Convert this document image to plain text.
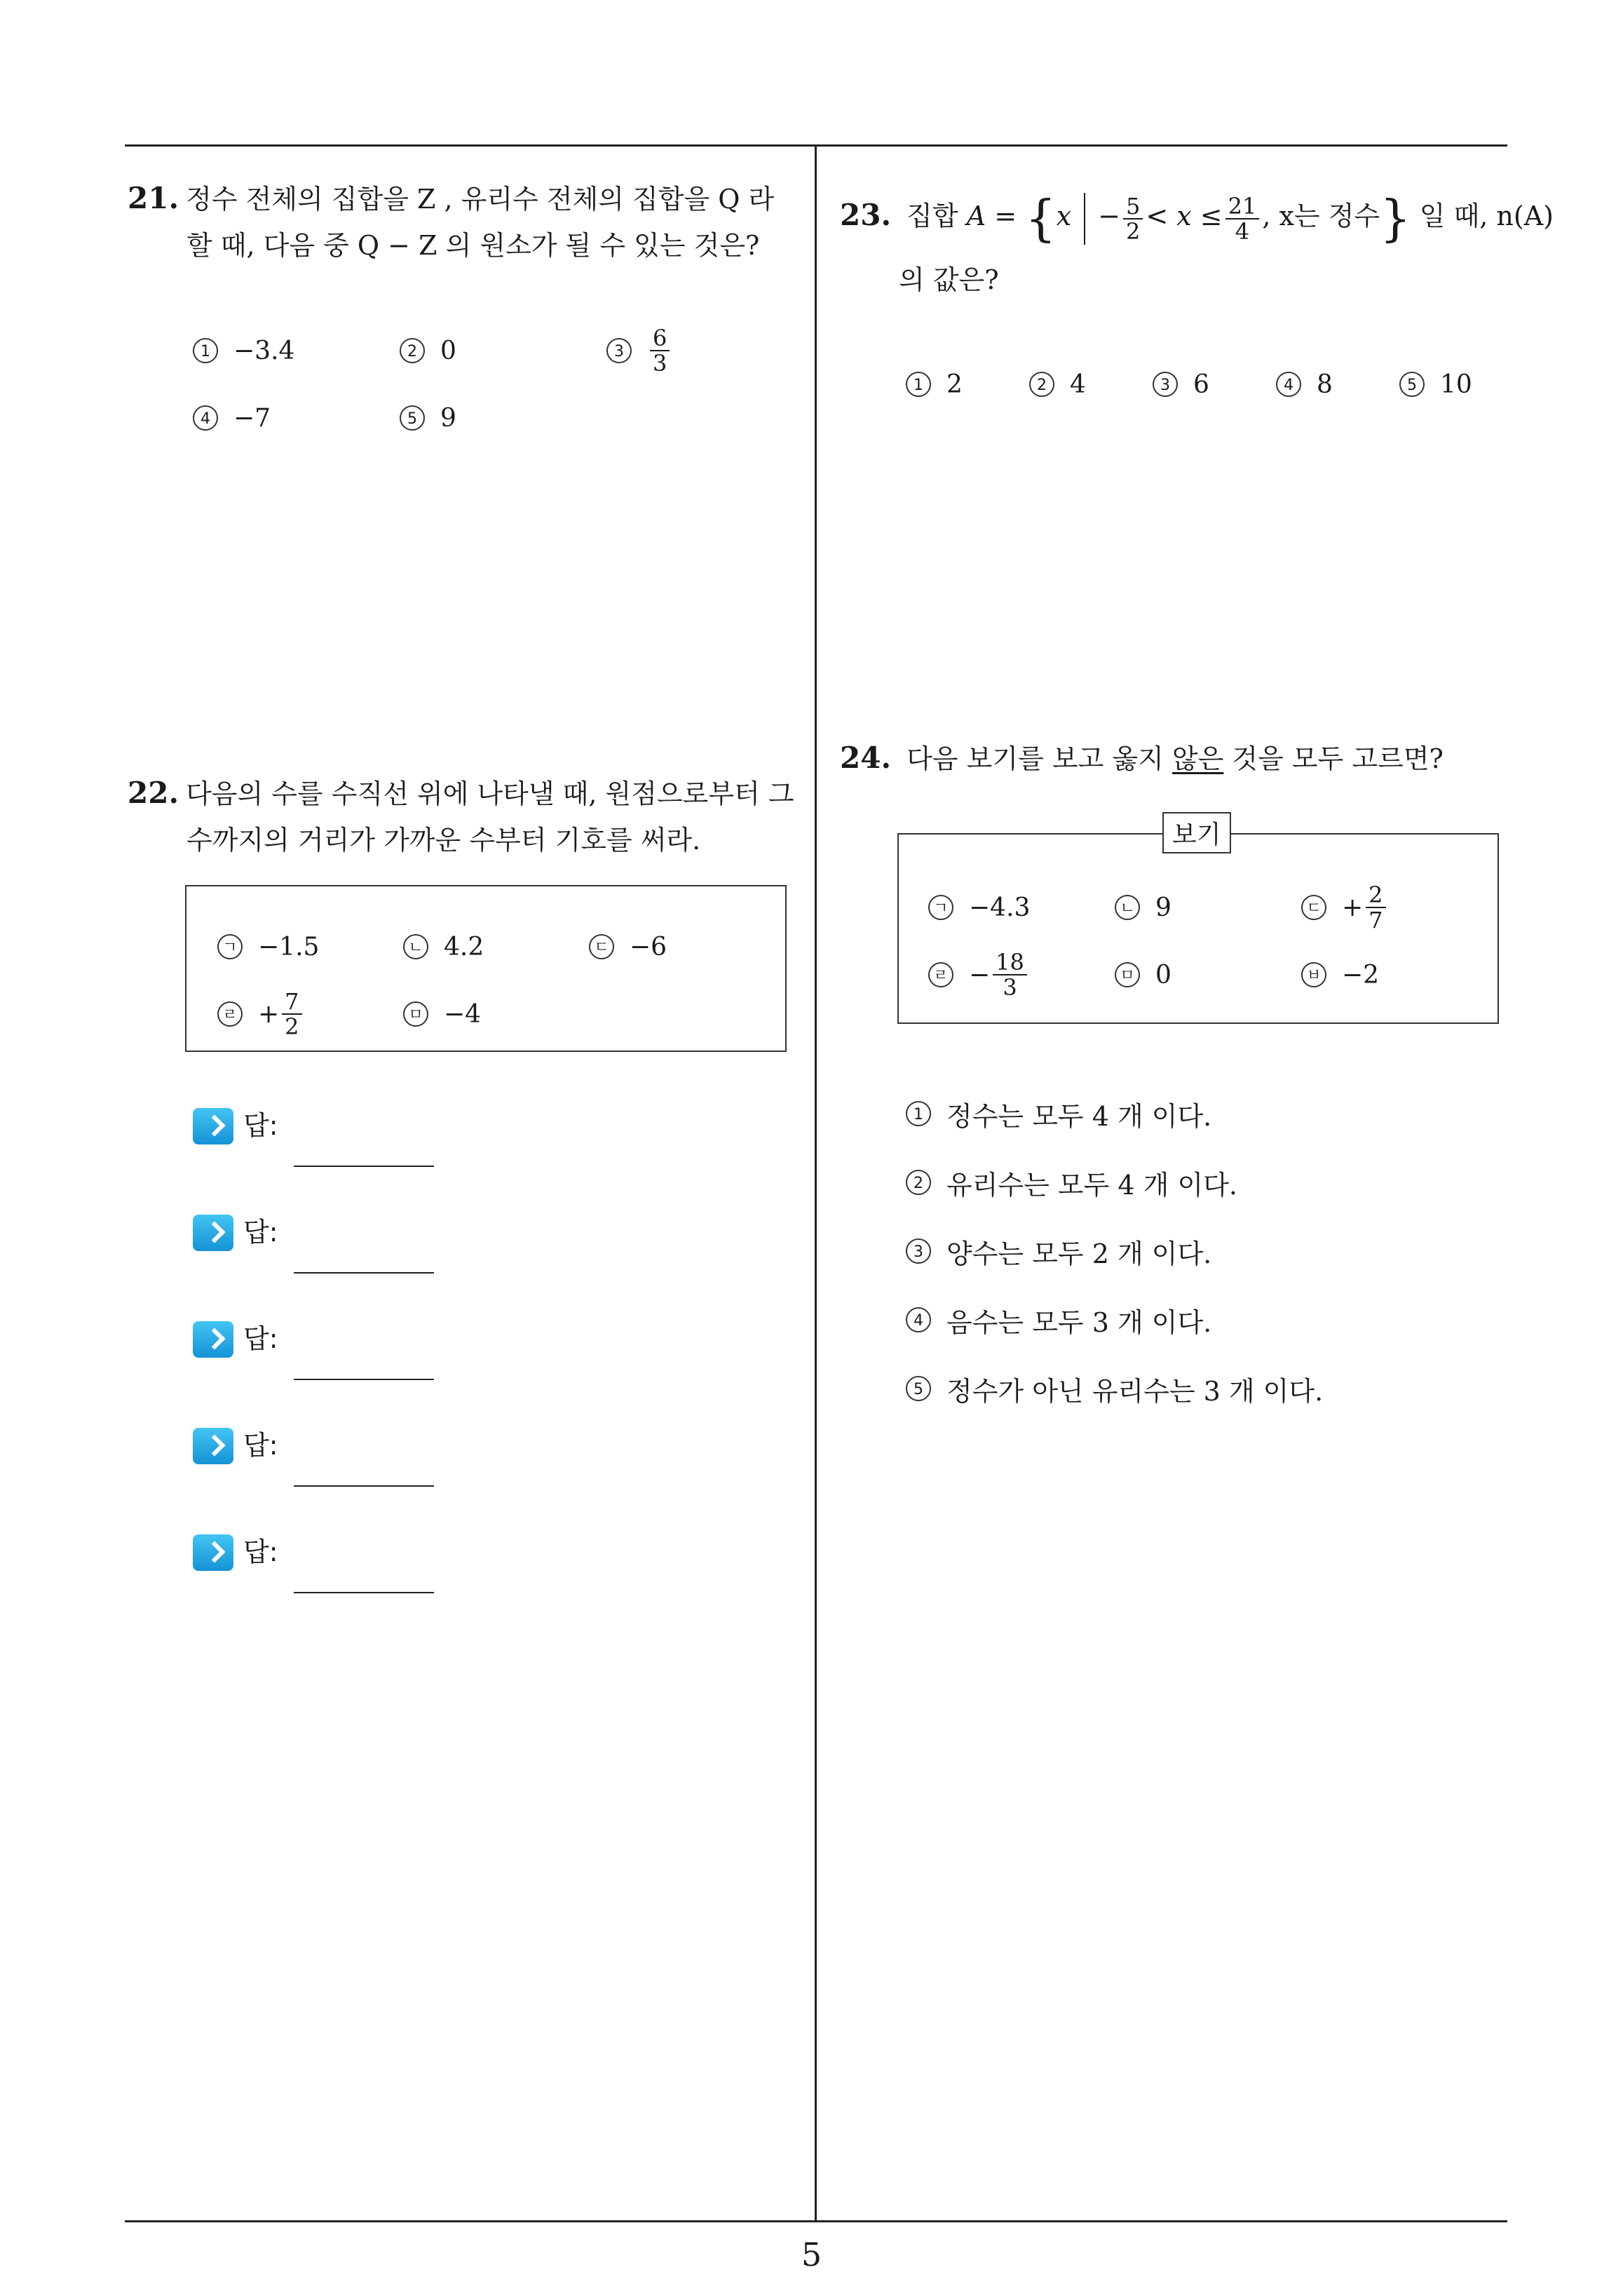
21. 정수 전체의 집합을 Z , 유리수 전체의 집합을 Q 라
할 때, 다음 중 Q − Z 의 원소가 될 수 있는 것은?
1 −3.4	2 0	3	$\frac{6}{3}$
4 −7	5 9
22. 다음의 수를 수직선 위에 나타낼 때, 원점으로부터 그
수까지의 거리가 가까운 수부터 기호를 써라.
ㄱ −1.5	ㄴ 4.2	ㄷ −6
ㄹ + $\frac{7}{2}$	ㅁ −4
답:
답:
답:
답:
답:
23. 집합 $A = \{x - \frac{5}{2} < x \le \frac{21}{4}$ , x는 정수} 일 때, n(A)
의 값은?
1 2	2 4	3 6	4 8	5 10
24. 다음 보기를 보고 옳지 않은 것을 모두 고르면?
보기
ㄱ −4.3	ㄴ 9	ㄷ + $\frac{2}{7}$
ㄹ − $\frac{18}{3}$	ㅁ 0	ㅂ −2
1 정수는 모두 4 개 이다.
2 유리수는 모두 4 개 이다.
3 양수는 모두 2 개 이다.
4 음수는 모두 3 개 이다.
5 정수가 아닌 유리수는 3 개 이다.
5
